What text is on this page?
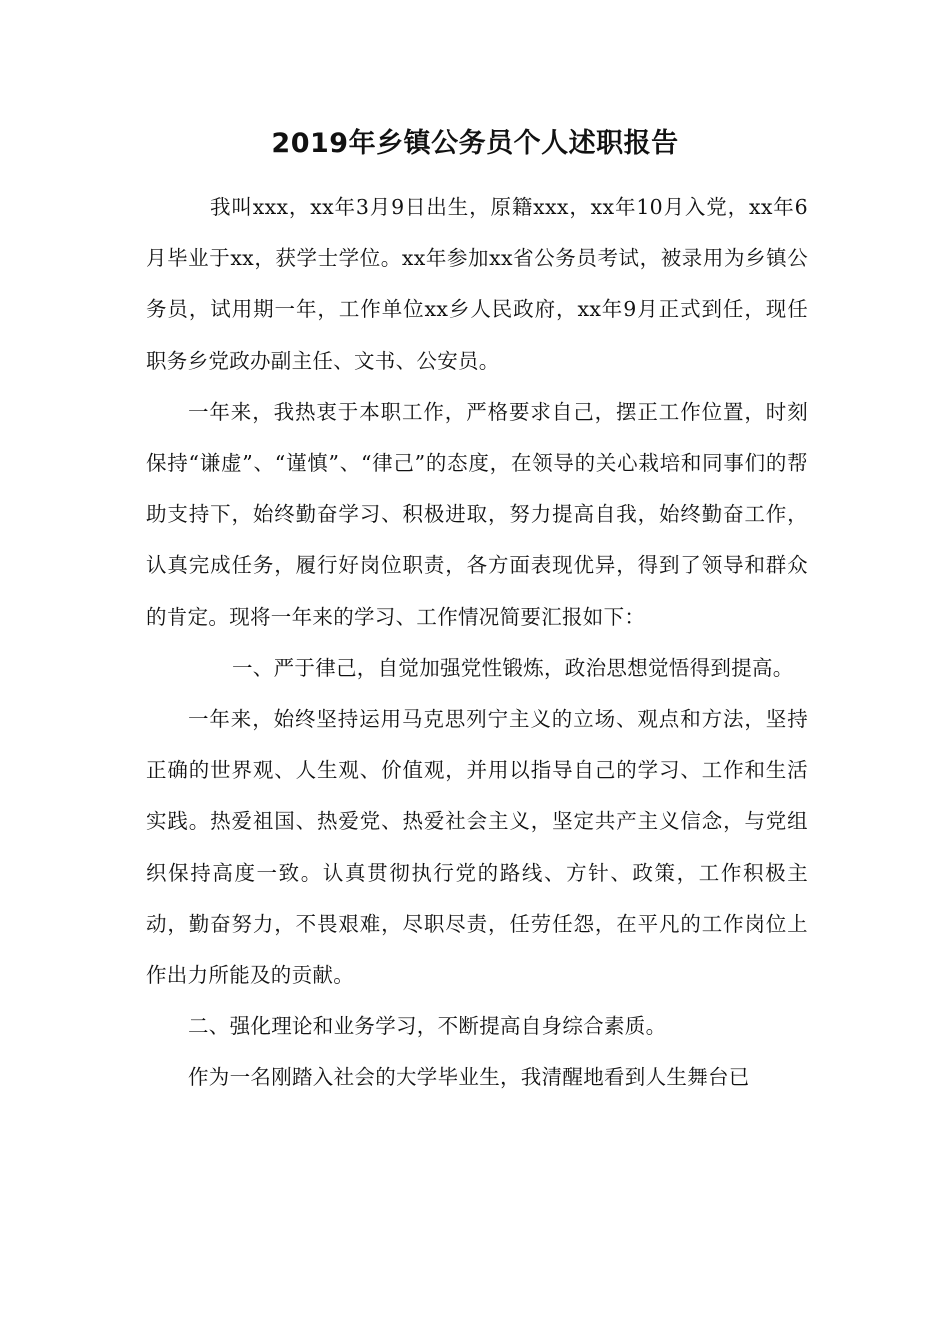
2019年乡镇公务员个人述职报告

我叫xxx，xx年3月9日出生，原籍xxx，xx年10月入党，xx年6月毕业于xx，获学士学位。xx年参加xx省公务员考试，被录用为乡镇公务员，试用期一年，工作单位xx乡人民政府，xx年9月正式到任，现任职务乡党政办副主任、文书、公安员。

一年来，我热衷于本职工作，严格要求自己，摆正工作位置，时刻保持“谦虚”、“谨慎”、“律己”的态度，在领导的关心栽培和同事们的帮助支持下，始终勤奋学习、积极进取，努力提高自我，始终勤奋工作，认真完成任务，履行好岗位职责，各方面表现优异，得到了领导和群众的肯定。现将一年来的学习、工作情况简要汇报如下：

一、严于律己，自觉加强党性锻炼，政治思想觉悟得到提高。

一年来，始终坚持运用马克思列宁主义的立场、观点和方法，坚持正确的世界观、人生观、价值观，并用以指导自己的学习、工作和生活实践。热爱祖国、热爱党、热爱社会主义，坚定共产主义信念，与党组织保持高度一致。认真贯彻执行党的路线、方针、政策，工作积极主动，勤奋努力，不畏艰难，尽职尽责，任劳任怨，在平凡的工作岗位上作出力所能及的贡献。

二、强化理论和业务学习，不断提高自身综合素质。

作为一名刚踏入社会的大学毕业生，我清醒地看到人生舞台已
